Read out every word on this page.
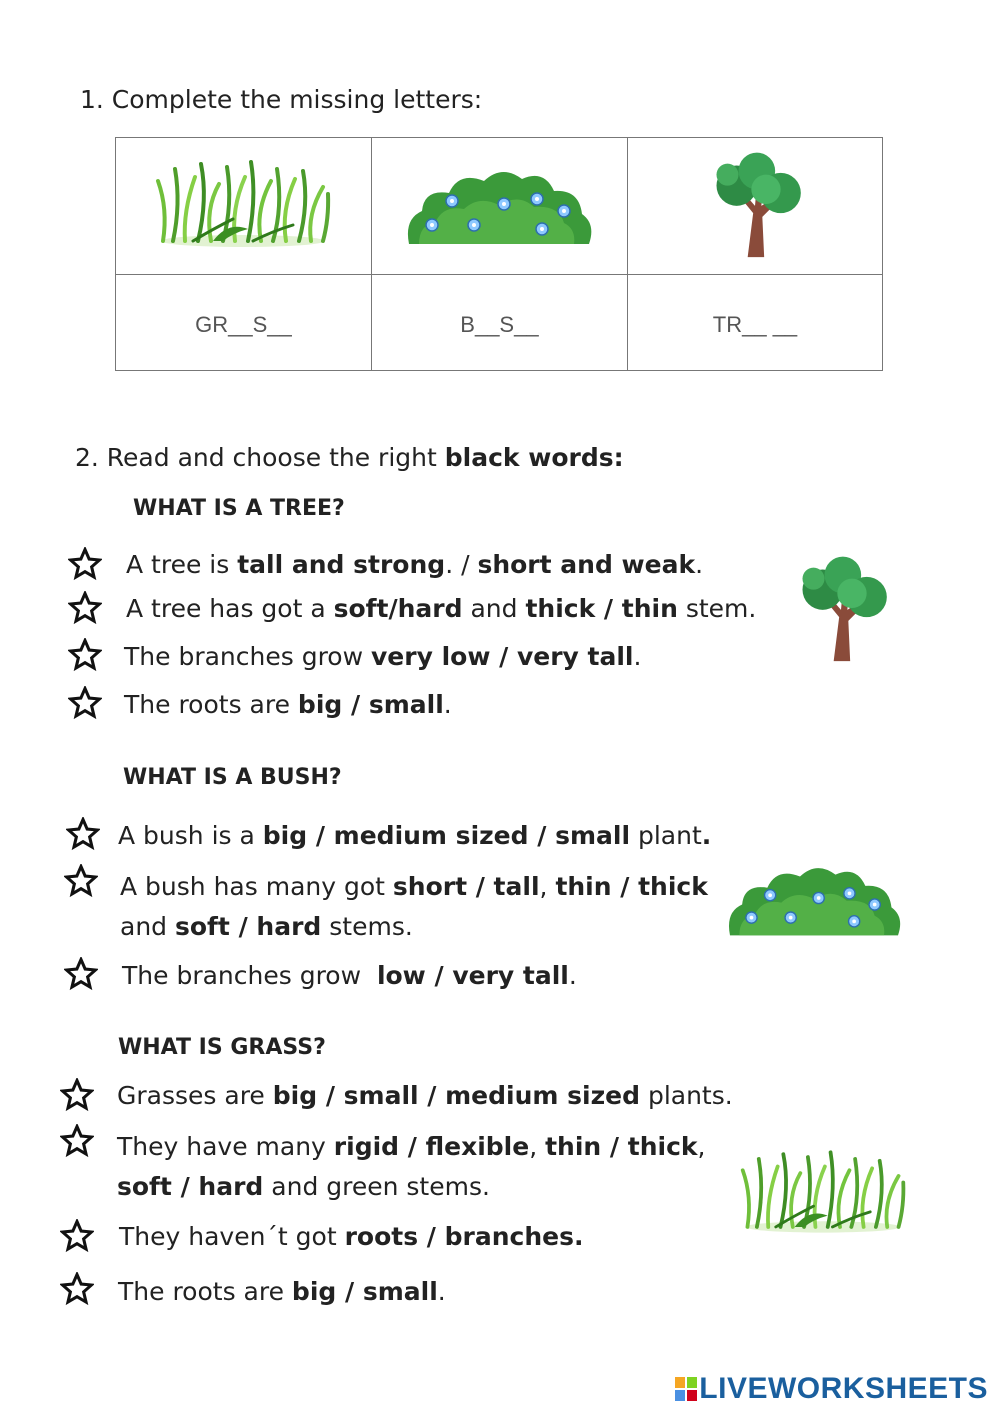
1. Complete the missing letters:

GR__S__	B__S__	TR__ __
2. Read and choose the right black words:
WHAT IS A TREE?
A tree is tall and strong. / short and weak.
A tree has got a soft/hard and thick / thin stem.
The branches grow very low / very tall.
The roots are big / small.
WHAT IS A BUSH?
A bush is a big / medium sized / small plant.
A bush has many got short / tall, thin / thick
and soft / hard stems.
The branches grow  low / very tall.
WHAT IS GRASS?
Grasses are big / small / medium sized plants.
They have many rigid / flexible, thin / thick,
soft / hard and green stems.
They haven´t got roots / branches.
The roots are big / small.
LIVEWORKSHEETS
